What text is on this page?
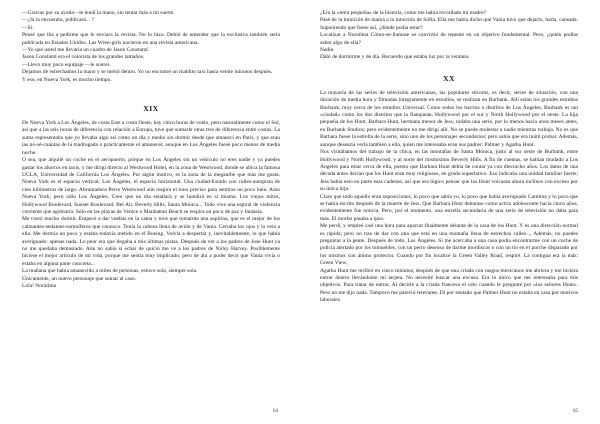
—Gracias por su ayuda—le tendí la mano, sin tentar más a mi suerte.

—¿Si la encuentra, publicará... ?

—Sí.

Pensé que iba a pedirme que le enviara la revista. No lo hizo. Debió de entender que la exclusiva también sería publicada en Estados Unidos. Las Wren-girls nacieron en una revista americana.

—Yo que usted me llevaría un cuadro de Jason Constantí.

Jason Constantí era el colorista de los grandes tamaños.

—Llevo muy poco equipaje —le sonreí.

Dejamos de estrechamos la mano y se metió dentro. Yo no encontré un maldito taxi hasta veinte minutos después.

Y eso, en Nueva York, es mucho tiempo.

XIX

De Nueva York a Los Ángeles, de costa Este a costa Oeste, hay cinco horas de vuelo, pero naturalmente como el Sol, así que a las seis horas de diferencia con relación a Europa, tuve que sumarle otras tres de diferencia entre costas. La suma representaba que yo llevaba algo así como un día y medio sin dormir desde que amanecí en París, y que eran las no-sé-cuántas de la madrugada o prácticamente el amanecer, aunque en Los Ángeles fuese poco menos de media noche.

O sea, que alquilé un coche en el aeropuerto, porque en Los Ángeles sin un vehículo no eres nadie y ya puedes gastar los ahorros en taxis, y me dirigí directo al Westwood Hotel, en la zona de Westwood, donde se ubica la famosa UCLA, Universidad de California Los Ángeles. Por algún motivo, es la zona de la megaurbe que más me gusta. Nueva York es el espacio vertical; Los Ángeles, el espacio horizontal. Una ciudad-Estado con calles-autopista de cien kilómetros de largo. Abrumadora Perro Westwood aún respira el tono preciso para sentirse un poco bien. Amo Nueva York, pero odio Los Ángeles. Creo que un día estallará y se hundirá en sí misma. Los viejos mitos, Hollywood Boulevard, Sunset Boulevard, Bel Air, Beverly Hills, Santa Mónica... Todo vive una espiral de violencia creciente que agobiaría. Sólo en las playas de Venice o Manhattan Beach se respira un poco de paz y fantasía.

Me costó mucho dormir. Empecé a dar vueltas en la cama y tuve que tomarme una aspirina, que es el mejor de los calmantes-sedantes-somníferos que conozco. Tenía la cabeza llena de avión y de Vania. Cerraba los ojos y la veía a ella. Me dormía un poco y estaba todavía metido en el Boeing. Volvía a despertar y, inevitablemente, lo que había averiguado: apenas nada. Lo peor era que llegaba a mis últimas pistas. Después de ver a los padres de Jose Hunt ya no me quedaba demasiado. Aún no sabía si echar de quicio me ve a los padres de Nicky Harvey. Posiblemente hiciese el mejor artículo de mi vida, porque me sentía muy implicado; pero de ahí a poder decir que Vania vivía o estaba en alguna parte concreta...

La mañana que había amanecido a miles de personas, estuvo sola, siempre sola.

Únicamente, un nuevo personaje que sumar al caso.

Lola! Norailma

64

¿Era la «tetra pequeña» de la historia, como me había recordado mi madre?

Pasé de la intuición de mamá a la intuición de Sofía. Ella me había dicho que Vania tuvo que dejarlo, harta, cansada. Suponiendo que fuese así, ¿dónde podía estar?

Localizar a Norailma Cómo-se-llamase se convirtió de repente en un objetivo fundamental. Pero, ¿quién podías saber algo de ella?

Nadie.

Dabí de dormirme y de día. Recuerdo que estaba luz por la ventana.

XX

La mayoría de las series de televisión americanas, las populares sitcoms, es decir, series de situación, con una duración de media hora y filmadas íntegramente en estudios, se realizan en Burbank. Allí están los grandes estudios Burbank, muy cerca de los estudios Universal. Como todos los barrios o distritos de Los Ángeles, Burbank es tan «ciudad» como los dos distritos que la flanquean, Hollywood por el sur y North Hollywood por el oeste. La hija pequeña de los Hunt, Barbara Hunt, hermana menor de Jess, rodaba una serie, por lo menos hacía unos meses antes, en Burbank Studios; pero evidentemente no me dirigí allí. No se puede molestar a nadie mientras trabaja. No es que Barbara fuese la estrella de la serie, sino uno de los personajes secundarios; pero sabía que era inútil probar. Además, aunque desearía verla también a ella, quien me interesaba eran sus padres: Palmer y Agatha Hunt.

Nos visitábamos del trabajo de la chica, en las montañas de Santa Mónica, justo al sur oeste de Burbank, entre Hollywood y North Hollywood, y al norte del mismísimo Beverly Hills. A fin de cuentas, se habían mudado a Los Ángeles para estar cerca de ella, puesto que Barbara Hunt debía de contar ya con dieciocho años. Los datos de una década antes decían que los Hunt eran muy religiosos, en grado superlativo. Eso indicaba una unidad familiar fuerte; Jess había esto en parte esas cadenas; así que era lógico pensar que los Hunt volcaran ahora inclinos con exceso por su única hija.

Claro que todo aquello eran suposiciones, lo poco que sabía yo, lo poco que había averiguado Carmina y lo poco que se había escrito después de la muerte de Jess. Que Barbara Hunt debutase como actriz adolescente hacía cinco años, evidentemente fue noticia. Pero, por el momento, una estrella secundaria de una serie de televisión no daba para más. El morbo pasaba a ipso.

Me perdí, y empleé casi una hora para aparcar finalmente delante de la casa de los Hunt. Y es una dirección normal es rápida; pero no tras de dar con una que está en una montaña llena de estrechos calles..., Además, no puedes preguntar a la gente. Después de todo, Los Ángeles. Si me acercaba a una casa podía encontrarme con un coche de policía alertado por los inmuebles, con un perro deseoso de darme mordiscos o con un tío en el porche disparado por los mismos con ánimo protector. Cuando por fin localicé la Green Valley Road, respiré. La contigua era la más: Green View.

Agatha Hunt me recibió en cinco minutos, después de que una criada con rasgos mexicanos me abriera y me hiciera entrar dentro llevándome mi tarjeta. No necesité buscar una excusa. Era lo único que me interesaba para mis objetivos. Para tratar de entrar, Al decirle a la criada francesa el celo cuando le pregunté por «los señores Hunt». Pero no me dijo nada. Tampoco me pareció relevante. Di por sentado que Palmer Hunt no estaba en casa por motivos laborales.

65
